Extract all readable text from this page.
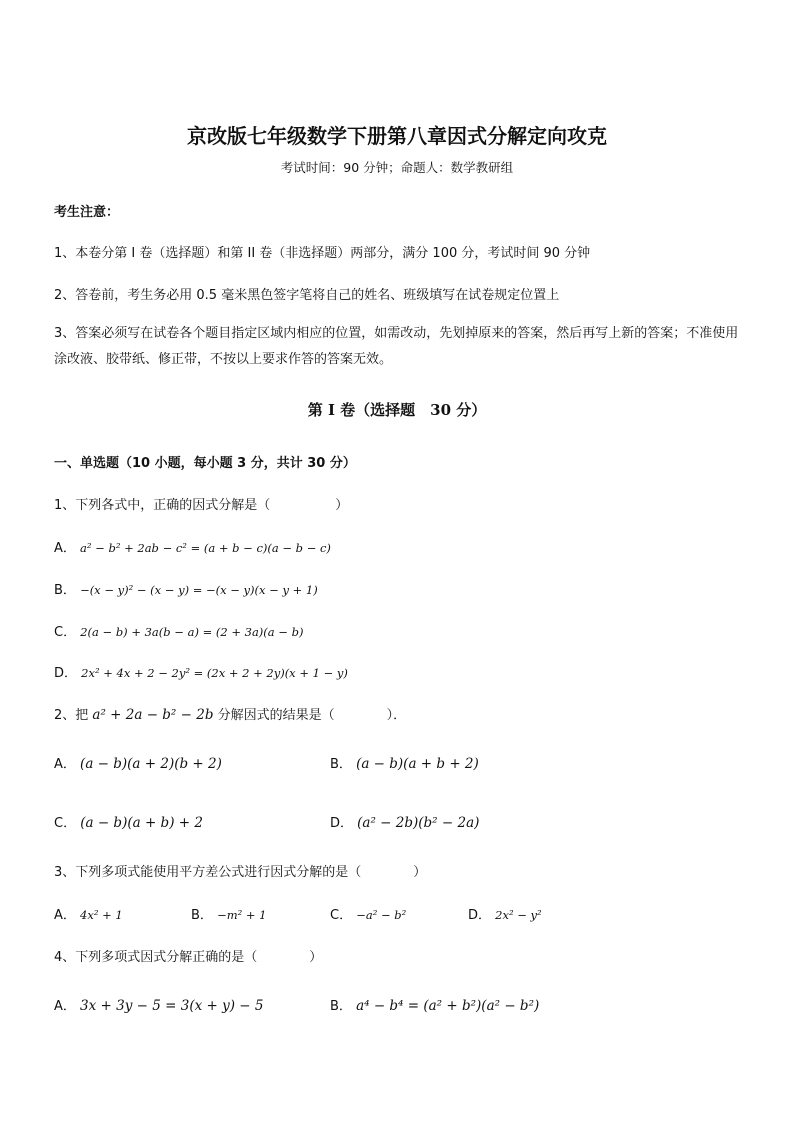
京改版七年级数学下册第八章因式分解定向攻克
考试时间：90 分钟；命题人：数学教研组
考生注意：
1、本卷分第 I 卷（选择题）和第 II 卷（非选择题）两部分，满分 100 分，考试时间 90 分钟
2、答卷前，考生务必用 0.5 毫米黑色签字笔将自己的姓名、班级填写在试卷规定位置上
3、答案必须写在试卷各个题目指定区域内相应的位置，如需改动，先划掉原来的答案，然后再写上新的答案；不准使用涂改液、胶带纸、修正带，不按以上要求作答的答案无效。
第 I 卷（选择题　30 分）
一、单选题（10 小题，每小题 3 分，共计 30 分）
1、下列各式中，正确的因式分解是（　　　　　）
A． a² − b² + 2ab − c² = (a + b − c)(a − b − c)
B． −(x − y)² − (x − y) = −(x − y)(x − y + 1)
C． 2(a − b) + 3a(b − a) = (2 + 3a)(a − b)
D． 2x² + 4x + 2 − 2y² = (2x + 2 + 2y)(x + 1 − y)
2、把 a² + 2a − b² − 2b 分解因式的结果是（　　　　）．
A． (a − b)(a + 2)(b + 2)	B． (a − b)(a + b + 2)
C． (a − b)(a + b) + 2	D． (a² − 2b)(b² − 2a)
3、下列多项式能使用平方差公式进行因式分解的是（　　　　）
A． 4x² + 1	B． −m² + 1	C． −a² − b²	D． 2x² − y²
4、下列多项式因式分解正确的是（　　　　）
A． 3x + 3y − 5 = 3(x + y) − 5	B． a⁴ − b⁴ = (a² + b²)(a² − b²)
